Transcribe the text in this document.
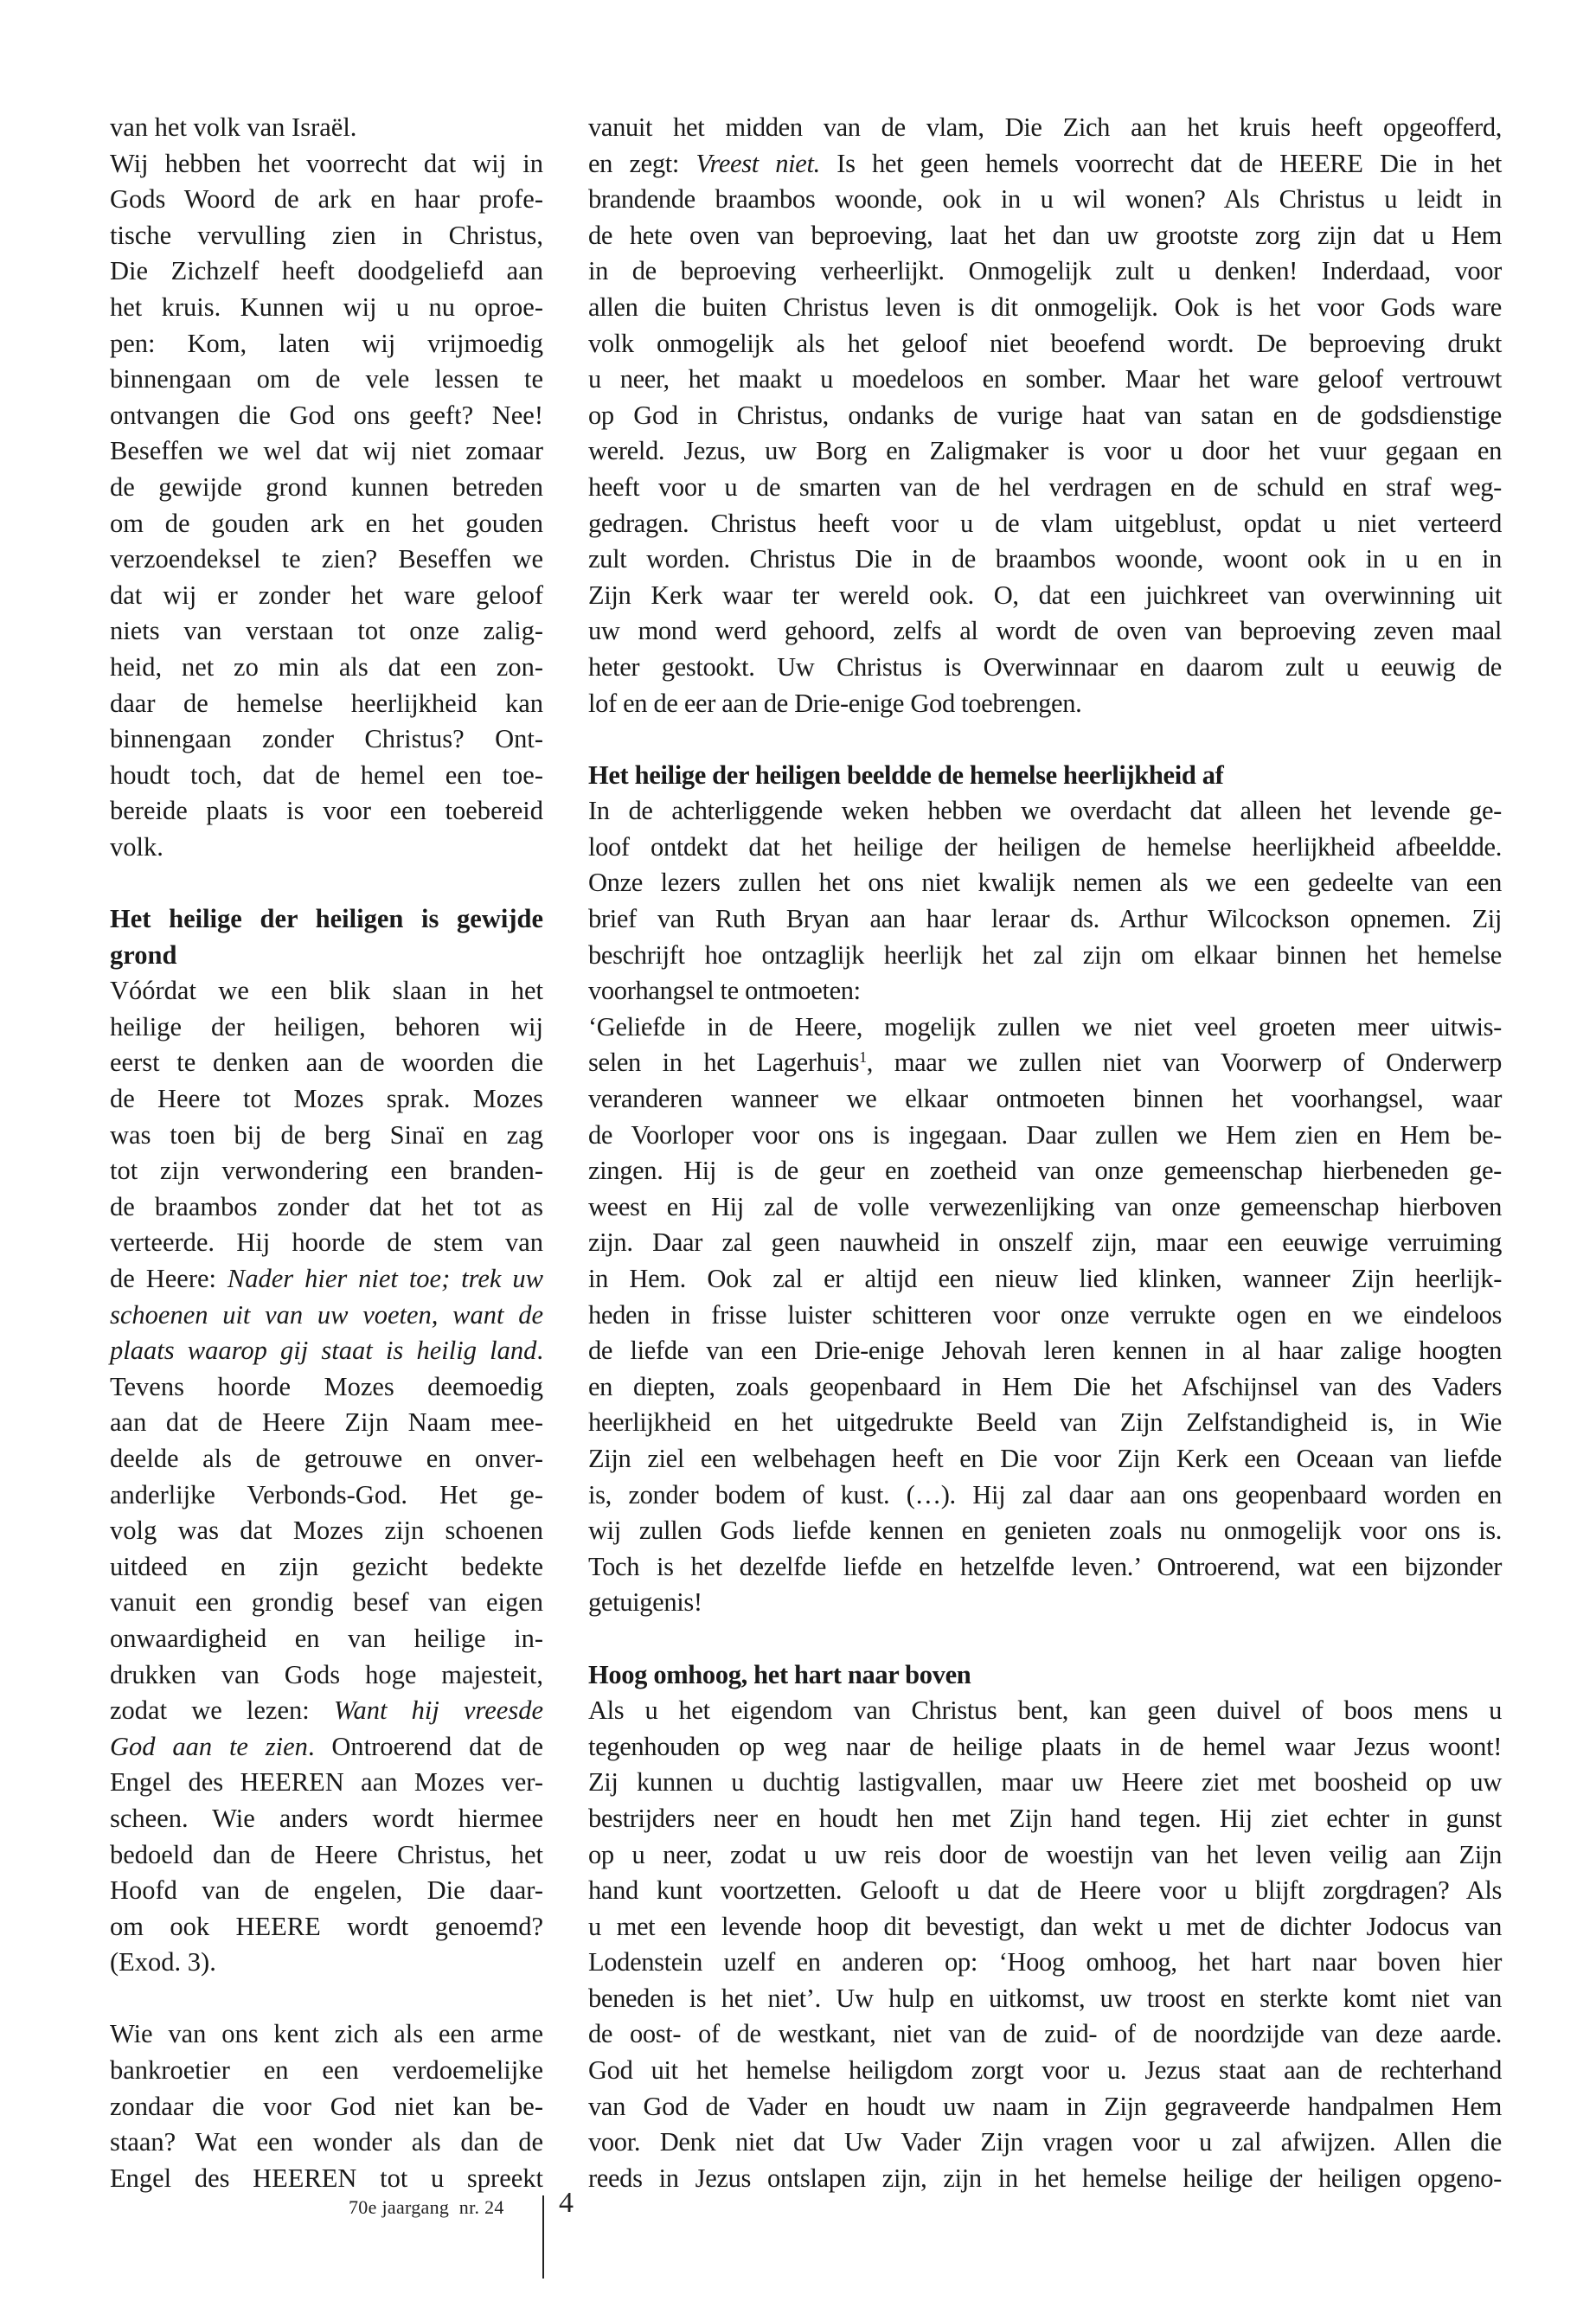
van het volk van Israël.
Wij hebben het voorrecht dat wij in
Gods Woord de ark en haar profe-
tische vervulling zien in Christus,
Die Zichzelf heeft doodgeliefd aan
het kruis. Kunnen wij u nu oproe-
pen: Kom, laten wij vrijmoedig
binnengaan om de vele lessen te
ontvangen die God ons geeft? Nee!
Beseffen we wel dat wij niet zomaar
de gewijde grond kunnen betreden
om de gouden ark en het gouden
verzoendeksel te zien? Beseffen we
dat wij er zonder het ware geloof
niets van verstaan tot onze zalig-
heid, net zo min als dat een zon-
daar de hemelse heerlijkheid kan
binnengaan zonder Christus? Ont-
houdt toch, dat de hemel een toe-
bereide plaats is voor een toebereid
volk.
Het heilige der heiligen is gewijde
grond
Vóórdat we een blik slaan in het
heilige der heiligen, behoren wij
eerst te denken aan de woorden die
de Heere tot Mozes sprak. Mozes
was toen bij de berg Sinaï en zag
tot zijn verwondering een branden-
de braambos zonder dat het tot as
verteerde. Hij hoorde de stem van
de Heere: Nader hier niet toe; trek uw
schoenen uit van uw voeten, want de
plaats waarop gij staat is heilig land.
Tevens hoorde Mozes deemoedig
aan dat de Heere Zijn Naam mee-
deelde als de getrouwe en onver-
anderlijke Verbonds-God. Het ge-
volg was dat Mozes zijn schoenen
uitdeed en zijn gezicht bedekte
vanuit een grondig besef van eigen
onwaardigheid en van heilige in-
drukken van Gods hoge majesteit,
zodat we lezen: Want hij vreesde
God aan te zien. Ontroerend dat de
Engel des HEEREN aan Mozes ver-
scheen. Wie anders wordt hiermee
bedoeld dan de Heere Christus, het
Hoofd van de engelen, Die daar-
om ook HEERE wordt genoemd?
(Exod. 3).
Wie van ons kent zich als een arme
bankroetier en een verdoemelijke
zondaar die voor God niet kan be-
staan? Wat een wonder als dan de
Engel des HEEREN tot u spreekt
vanuit het midden van de vlam, Die Zich aan het kruis heeft opgeofferd,
en zegt: Vreest niet. Is het geen hemels voorrecht dat de HEERE Die in het
brandende braambos woonde, ook in u wil wonen? Als Christus u leidt in
de hete oven van beproeving, laat het dan uw grootste zorg zijn dat u Hem
in de beproeving verheerlijkt. Onmogelijk zult u denken! Inderdaad, voor
allen die buiten Christus leven is dit onmogelijk. Ook is het voor Gods ware
volk onmogelijk als het geloof niet beoefend wordt. De beproeving drukt
u neer, het maakt u moedeloos en somber. Maar het ware geloof vertrouwt
op God in Christus, ondanks de vurige haat van satan en de godsdienstige
wereld. Jezus, uw Borg en Zaligmaker is voor u door het vuur gegaan en
heeft voor u de smarten van de hel verdragen en de schuld en straf weg-
gedragen. Christus heeft voor u de vlam uitgeblust, opdat u niet verteerd
zult worden. Christus Die in de braambos woonde, woont ook in u en in
Zijn Kerk waar ter wereld ook. O, dat een juichkreet van overwinning uit
uw mond werd gehoord, zelfs al wordt de oven van beproeving zeven maal
heter gestookt. Uw Christus is Overwinnaar en daarom zult u eeuwig de
lof en de eer aan de Drie-enige God toebrengen.
Het heilige der heiligen beeldde de hemelse heerlijkheid af
In de achterliggende weken hebben we overdacht dat alleen het levende ge-
loof ontdekt dat het heilige der heiligen de hemelse heerlijkheid afbeeldde.
Onze lezers zullen het ons niet kwalijk nemen als we een gedeelte van een
brief van Ruth Bryan aan haar leraar ds. Arthur Wilcockson opnemen. Zij
beschrijft hoe ontzaglijk heerlijk het zal zijn om elkaar binnen het hemelse
voorhangsel te ontmoeten:
‘Geliefde in de Heere, mogelijk zullen we niet veel groeten meer uitwis-
selen in het Lagerhuis$^1$, maar we zullen niet van Voorwerp of Onderwerp
veranderen wanneer we elkaar ontmoeten binnen het voorhangsel, waar
de Voorloper voor ons is ingegaan. Daar zullen we Hem zien en Hem be-
zingen. Hij is de geur en zoetheid van onze gemeenschap hierbeneden ge-
weest en Hij zal de volle verwezenlijking van onze gemeenschap hierboven
zijn. Daar zal geen nauwheid in onszelf zijn, maar een eeuwige verruiming
in Hem. Ook zal er altijd een nieuw lied klinken, wanneer Zijn heerlijk-
heden in frisse luister schitteren voor onze verrukte ogen en we eindeloos
de liefde van een Drie-enige Jehovah leren kennen in al haar zalige hoogten
en diepten, zoals geopenbaard in Hem Die het Afschijnsel van des Vaders
heerlijkheid en het uitgedrukte Beeld van Zijn Zelfstandigheid is, in Wie
Zijn ziel een welbehagen heeft en Die voor Zijn Kerk een Oceaan van liefde
is, zonder bodem of kust. (…). Hij zal daar aan ons geopenbaard worden en
wij zullen Gods liefde kennen en genieten zoals nu onmogelijk voor ons is.
Toch is het dezelfde liefde en hetzelfde leven.’ Ontroerend, wat een bijzonder
getuigenis!
Hoog omhoog, het hart naar boven
Als u het eigendom van Christus bent, kan geen duivel of boos mens u
tegenhouden op weg naar de heilige plaats in de hemel waar Jezus woont!
Zij kunnen u duchtig lastigvallen, maar uw Heere ziet met boosheid op uw
bestrijders neer en houdt hen met Zijn hand tegen. Hij ziet echter in gunst
op u neer, zodat u uw reis door de woestijn van het leven veilig aan Zijn
hand kunt voortzetten. Gelooft u dat de Heere voor u blijft zorgdragen? Als
u met een levende hoop dit bevestigt, dan wekt u met de dichter Jodocus van
Lodenstein uzelf en anderen op: ‘Hoog omhoog, het hart naar boven hier
beneden is het niet’. Uw hulp en uitkomst, uw troost en sterkte komt niet van
de oost- of de westkant, niet van de zuid- of de noordzijde van deze aarde.
God uit het hemelse heiligdom zorgt voor u. Jezus staat aan de rechterhand
van God de Vader en houdt uw naam in Zijn gegraveerde handpalmen Hem
voor. Denk niet dat Uw Vader Zijn vragen voor u zal afwijzen. Allen die
reeds in Jezus ontslapen zijn, zijn in het hemelse heilige der heiligen opgeno-
70e jaargang  nr. 24 4
